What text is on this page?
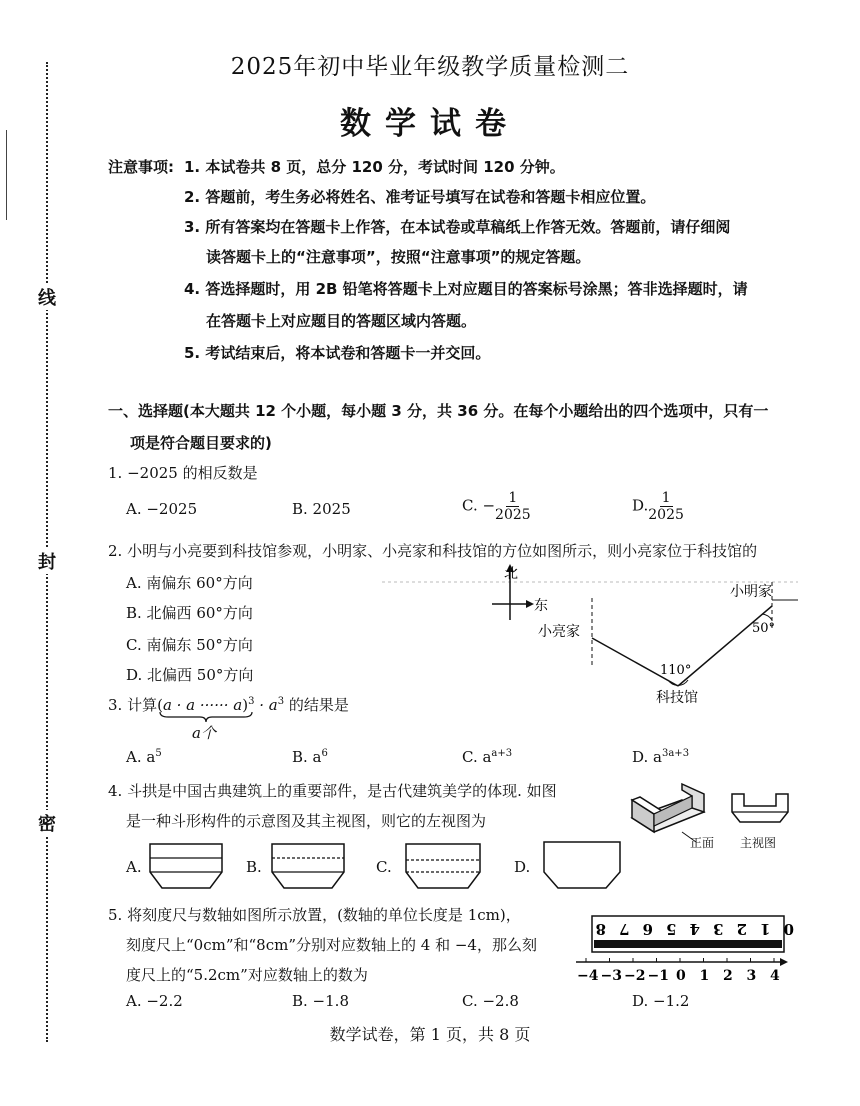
线
封
密
2025年初中毕业年级教学质量检测二
数学试卷
注意事项: 1. 本试卷共 8 页，总分 120 分，考试时间 120 分钟。
2. 答题前，考生务必将姓名、准考证号填写在试卷和答题卡相应位置。
3. 所有答案均在答题卡上作答，在本试卷或草稿纸上作答无效。答题前，请仔细阅
读答题卡上的“注意事项”，按照“注意事项”的规定答题。
4. 答选择题时，用 2B 铅笔将答题卡上对应题目的答案标号涂黑；答非选择题时，请
在答题卡上对应题目的答题区域内答题。
5. 考试结束后，将本试卷和答题卡一并交回。
一、选择题(本大题共 12 个小题，每小题 3 分，共 36 分。在每个小题给出的四个选项中，只有一
项是符合题目要求的)
1. −2025 的相反数是
A. −2025	B. 2025	C. − $\frac{1}{2025}$	D. $\frac{1}{2025}$
2. 小明与小亮要到科技馆参观，小明家、小亮家和科技馆的方位如图所示，则小亮家位于科技馆的
A. 南偏东 60°方向
B. 北偏西 60°方向
C. 南偏东 50°方向
D. 北偏西 50°方向
北
东
小明家
小亮家
科技馆
110°
50°
3. 计算(a · a ······ $a)^3 \cdot a^3$ 的结果是
a个
A. $a^5$	B. $a^6$	C. $a^{a+3}$	D. $a^{3a+3}$
4. 斗拱是中国古典建筑上的重要部件，是古代建筑美学的体现. 如图
是一种斗形构件的示意图及其主视图，则它的左视图为
正面 主视图
A.	B.	C.	D.
5. 将刻度尺与数轴如图所示放置，(数轴的单位长度是 1cm)，
刻度尺上“0cm”和“8cm”分别对应数轴上的 4 和 −4，那么刻
度尺上的“5.2cm”对应数轴上的数为
8 7 6 5 4 3 2 1 0
−4 −3 −2 −1 0 1 2 3 4
A. −2.2	B. −1.8	C. −2.8	D. −1.2
数学试卷，第 1 页，共 8 页
